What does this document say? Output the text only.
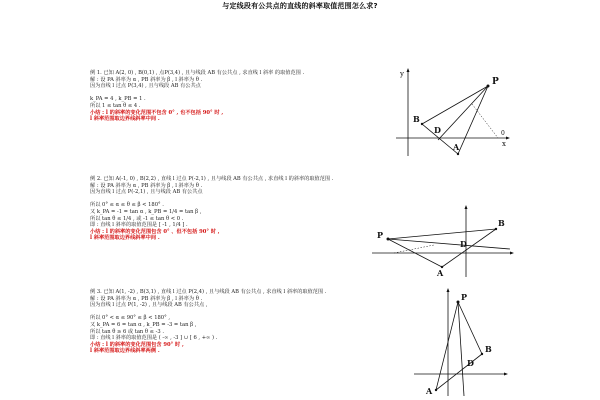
与定线段有公共点的直线的斜率取值范围怎么求?
例 1. 已知 A(2, 0) , B(0,1) , 点P(3,4) , 且与线段 AB 有公共点 , 求直线 l 斜率 的取值范围 .
解 : 设 PA 斜率为 α , PB 斜率为 β , l 斜率为 θ .
因为直线 l 过点 P(3,4) , 且与线段 AB 有公共点
k_PA = 4 , k_PB = 1 .
所以 1 ≤ tan θ ≤ 4 .
小结 : l 的斜率的变化范围不包含 0° , 也不包括 90° 时 ,
l 斜率范围取边界线斜率中间 .
y
x
P
B
D
A
0
例 2. 已知 A(-1, 0) , B(2,2) , 直线 l 过点 P(-2,1) , 且与线段 AB 有公共点 , 求直线 l 的斜率的取值范围 .
解 : 设 PA 斜率为 α , PB 斜率为 β , l 斜率为 θ .
因为直线 l 过点 P(-2,1) , 且与线段 AB 有公共点
所以 0° ≤ α ≤ θ ≤ β < 180° .
又 k_PA = -1 = tan α , k_PB = 1/4 = tan β ,
所以 tan θ ≤ 1/4 , 或 -1 ≤ tan θ < 0 .
即 : 直线 l 斜率的取值范围是 [ -1 , 1/4 ] .
小结 : l 的斜率的变化范围包含 0° 、但不包括 90° 时 ,
l 斜率范围取边界线斜率中间 .	P
A
B
D
例 3. 已知 A(1, -2) , B(3,1) , 直线 l 过点 P(2,4) , 且与线段 AB 有公共点 , 求直线 l 斜率的取值范围 .
解 : 设 PA 斜率为 α , PB 斜率为 β , l 斜率为 θ .
因为直线 l 过点 P(1, -2) , 且与线段 AB 有公共点 ,
所以 0° < α ≤ 90° ≤ β < 180° ,
又 k_PA = 6 = tan α , k_PB = -3 = tan β ,
所以 tan θ ≥ 6 或 tan θ ≤ -3 .
即 : 直线 l 斜率的取值范围是 ( -∞ , -3 ] ∪ [ 6 , +∞ ) .
小结 : l 的斜率的变化范围包含 90° 时 ,
l 斜率范围取边界线斜率两侧 .
P
D
B
A
